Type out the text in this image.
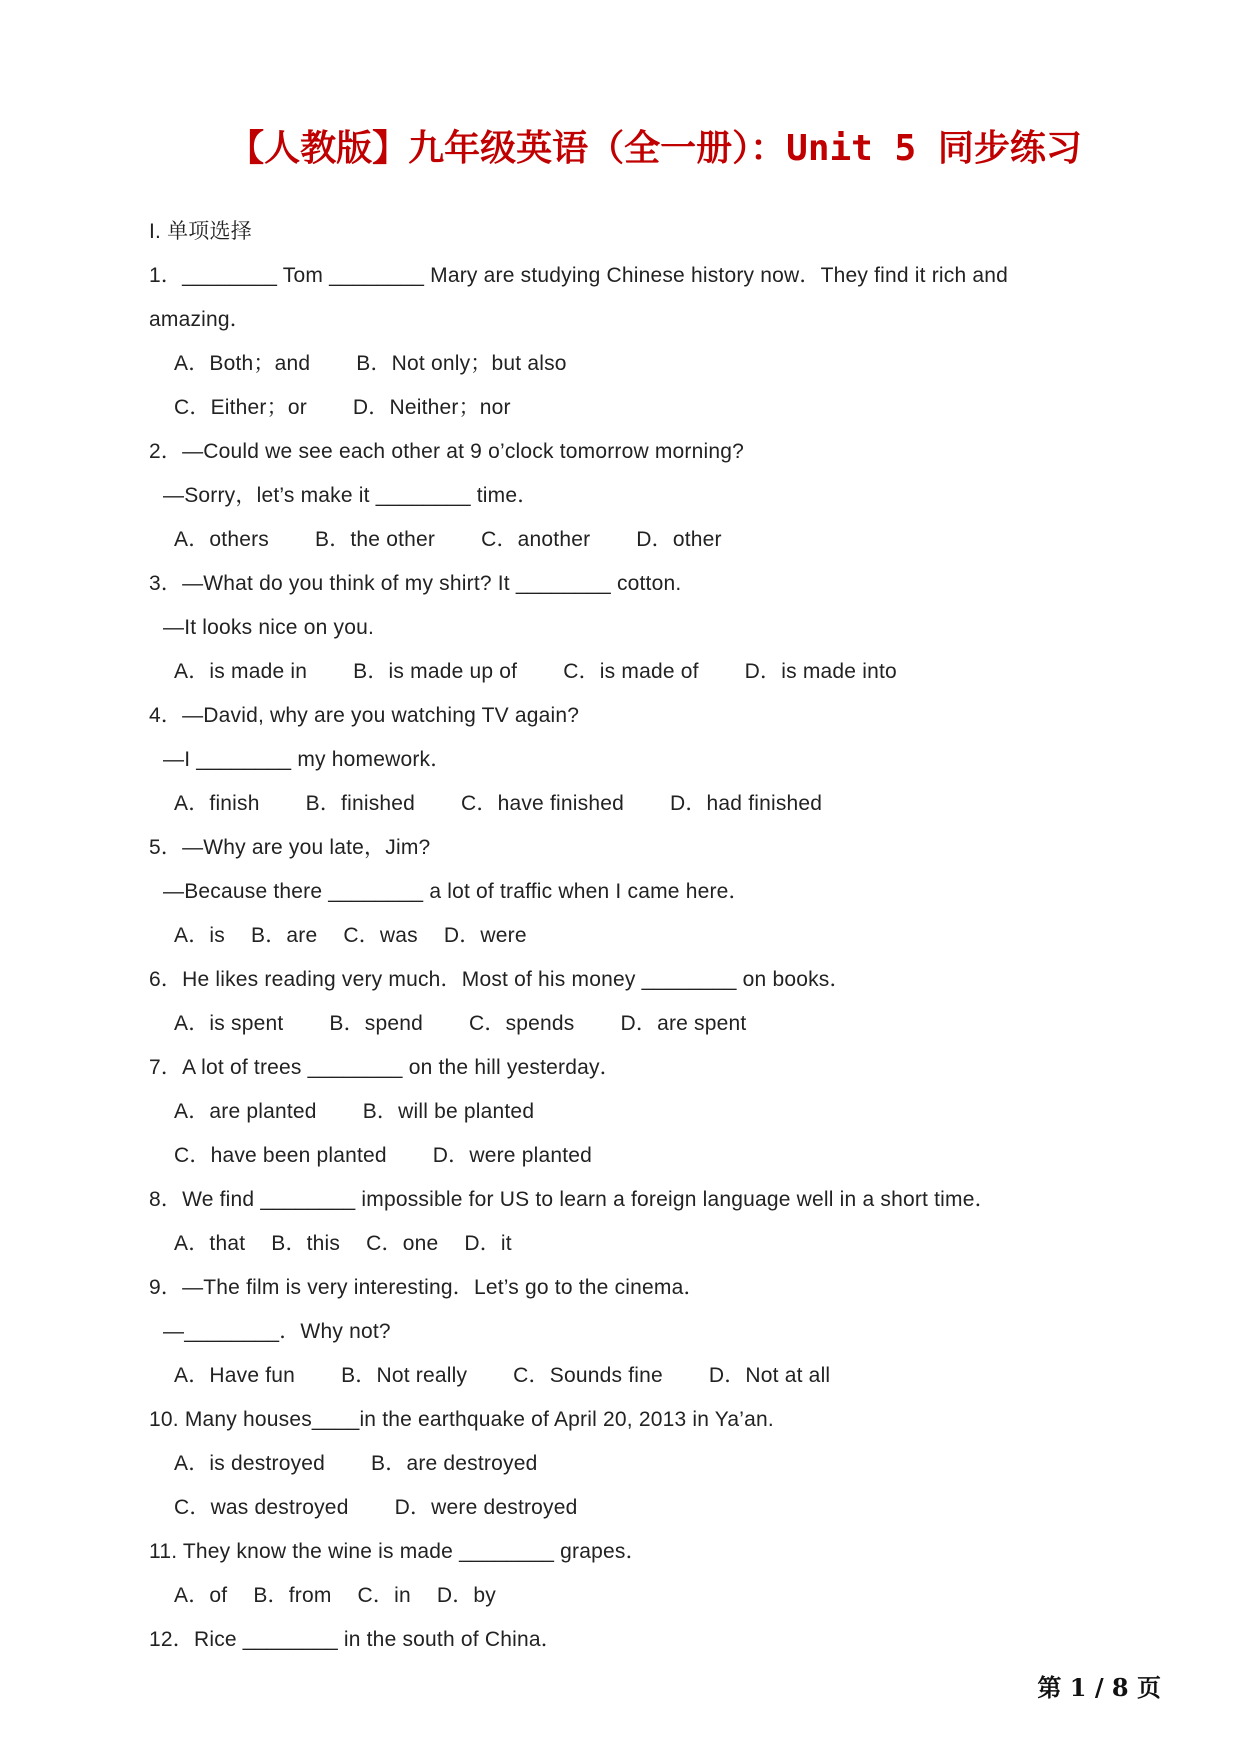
【人教版】九年级英语（全一册）：Unit 5 同步练习
I. 单项选择
1．________ Tom ________ Mary are studying Chinese history now．They find it rich and amazing．
A．Both；and B．Not only；but also
C．Either；or D．Neither；nor
2．—Could we see each other at 9 o’clock tomorrow morning?
—Sorry，let’s make it ________ time．
A．others B．the other C．another D．other
3．—What do you think of my shirt? It ________ cotton.
—It looks nice on you.
A．is made in B．is made up of C．is made of D．is made into
4．—David, why are you watching TV again?
—I ________ my homework．
A．finish B．finished C．have finished D．had finished
5．—Why are you late，Jim?
—Because there ________ a lot of traffic when I came here．
A．is B．are C．was D．were
6．He likes reading very much．Most of his money ________ on books．
A．is spent B．spend C．spends D．are spent
7．A lot of trees ________ on the hill yesterday．
A．are planted B．will be planted
C．have been planted D．were planted
8．We find ________ impossible for US to learn a foreign language well in a short time．
A．that B．this C．one D．it
9．—The film is very interesting．Let’s go to the cinema．
—________．Why not?
A．Have fun B．Not really C．Sounds fine D．Not at all
10. Many houses____in the earthquake of April 20, 2013 in Ya’an.
A．is destroyed B．are destroyed
C．was destroyed D．were destroyed
11. They know the wine is made ________ grapes．
A．of B．from C．in D．by
12．Rice ________ in the south of China．
第 1 / 8 页
